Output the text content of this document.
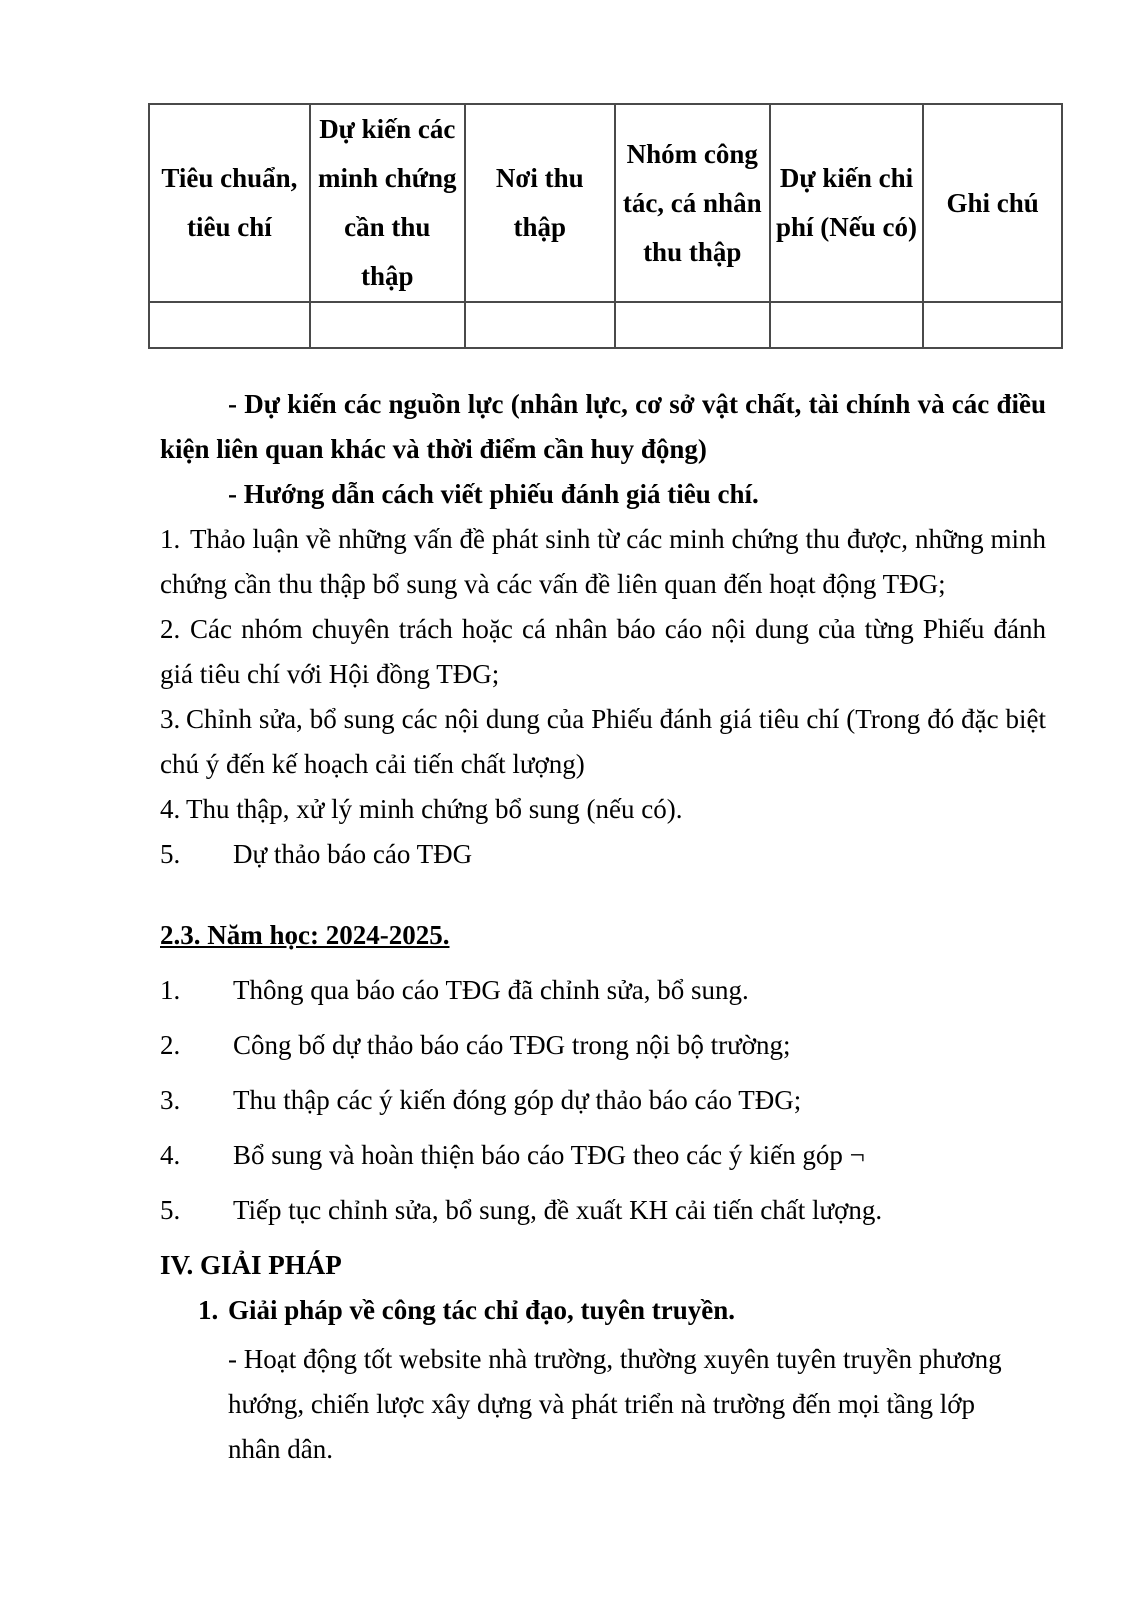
Tiêu chuẩn, tiêu chí	Dự kiến các minh chứng cần thu thập	Nơi thu thập	Nhóm công tác, cá nhân thu thập	Dự kiến chi phí (Nếu có)	Ghi chú

- Dự kiến các nguồn lực (nhân lực, cơ sở vật chất, tài chính và các điều kiện liên quan khác và thời điểm cần huy động)

- Hướng dẫn cách viết phiếu đánh giá tiêu chí.

1. Thảo luận về những vấn đề phát sinh từ các minh chứng thu được, những minh chứng cần thu thập bổ sung và các vấn đề liên quan đến hoạt động TĐG;

2. Các nhóm chuyên trách hoặc cá nhân báo cáo nội dung của từng Phiếu đánh giá tiêu chí với Hội đồng TĐG;

3. Chỉnh sửa, bổ sung các nội dung của Phiếu đánh giá tiêu chí (Trong đó đặc biệt chú ý đến kế hoạch cải tiến chất lượng)

4. Thu thập, xử lý minh chứng bổ sung (nếu có).

5. Dự thảo báo cáo TĐG

2.3. Năm học: 2024-2025.

1. Thông qua báo cáo TĐG đã chỉnh sửa, bổ sung.

2. Công bố dự thảo báo cáo TĐG trong nội bộ trường;

3. Thu thập các ý kiến đóng góp dự thảo báo cáo TĐG;

4. Bổ sung và hoàn thiện báo cáo TĐG theo các ý kiến góp ¬

5. Tiếp tục chỉnh sửa, bổ sung, đề xuất KH cải tiến chất lượng.

IV. GIẢI PHÁP

1. Giải pháp về công tác chỉ đạo, tuyên truyền.

- Hoạt động tốt website nhà trường, thường xuyên tuyên truyền phương hướng, chiến lược xây dựng và phát triển nà trường đến mọi tầng lớp nhân dân.
